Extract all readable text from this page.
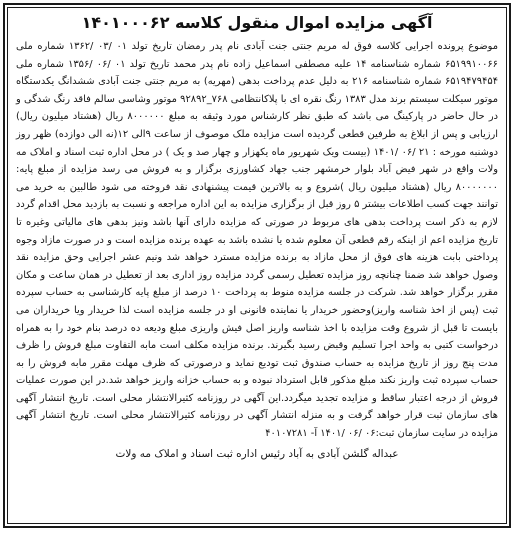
آگهی مزایده اموال منقول کلاسه ۱۴۰۱۰۰۰۶۲

موضوع پرونده اجرایی کلاسه فوق له مریم جنتی جنت آبادی نام پدر رمضان تاریخ تولد ۰۱ /۰۳ /۱۳۶۲ شماره ملی ۶۵۱۹۹۱۰۰۶۶ شماره شناسنامه ۱۴ علیه مصطفی اسماعیل زاده نام پدر محمد تاریخ تولد ۰۱ /۰۶ /۱۳۵۶ شماره ملی ۶۵۱۹۴۷۹۴۵۴ شماره شناسنامه ۲۱۶ به دلیل عدم پرداخت بدهی (مهریه) به مریم جنتی جنت آبادی ششدانگ یکدستگاه موتور سیکلت سیستم برند مدل ۱۳۸۳ رنگ نقره ای با پلاکانتظامی ۷۶۸_۹۲۸۹۲ موتور وشاسی سالم فاقد رنگ شدگی و در حال حاضر در پارکینگ می باشد که طبق نظر کارشناس مورد وثیقه به مبلغ ۸۰۰۰۰۰۰ ریال (هشتاد میلیون ریال) ارزیابی و پس از ابلاغ به طرفین قطعی گردیده است مزایده ملک موصوف از ساعت ۹الی ۱۲(نه الی دوازده) ظهر روز دوشنبه مورخه : ۲۱ /۰۶ /۱۴۰۱ (بیست ویک شهریور ماه یکهزار و چهار صد و یک ) در محل اداره ثبت اسناد و املاک مه ولات واقع در شهر فیض آباد بلوار خرمشهر جنب جهاد کشاورزی برگزار و به فروش می رسد مزایده از مبلغ پایه: ۸۰۰۰۰۰۰۰ ریال (هشتاد میلیون ریال )شروع و به بالاترین قیمت پیشنهادی نقد فروخته می شود طالبین به خرید می توانند جهت کسب اطلاعات بیشتر ۵ روز قبل از برگزاری مزایده به این اداره مراجعه و نسبت به بازدید محل اقدام گردد لازم به ذکر است پرداخت بدهی های مربوط در صورتی که مزایده دارای آنها باشد ونیز بدهی های مالیاتی وغیره تا تاریخ مزایده اعم از اینکه رقم قطعی آن معلوم شده یا نشده باشد به عهده برنده مزایده است و در صورت مازاد وجوه پرداختی بابت هزینه های فوق از محل مازاد به برنده مزایده مسترد خواهد شد ونیم عشر اجرایی وحق مزایده نقد وصول خواهد شد ضمنا چنانچه روز مزایده تعطیل رسمی گردد مزایده روز اداری بعد از تعطیل در همان ساعت و مکان مقرر برگزار خواهد شد. شرکت در جلسه مزایده منوط به پرداخت ۱۰ درصد از مبلغ پایه کارشناسی به حساب سپرده ثبت (پس از اخذ شناسه واریز)وحضور خریدار یا نماینده قانونی او در جلسه مزایده است لذا خریدار ویا خریداران می بایست تا قبل از شروع وقت مزایده با اخذ شناسه واریز اصل فیش واریزی مبلغ ودیعه ده درصد بنام خود را به همراه درخواست کتبی به واحد اجرا تسلیم وقبض رسید بگیرند. برنده مزایده مکلف است مابه التفاوت مبلغ فروش را ظرف مدت پنج روز از تاریخ مزایده به حساب صندوق ثبت تودیع نماید و درصورتی که ظرف مهلت مقرر مابه فروش را به حساب سپرده ثبت واریز نکند مبلغ مذکور قابل استرداد نبوده و به حساب خزانه واریز خواهد شد.در این صورت عملیات فروش از درجه اعتبار ساقط و مزایده تجدید میگردد.این آگهی در روزنامه کثیرالانتشار محلی است. تاریخ انتشار آگهی های سازمان ثبت قرار خواهد گرفت و به منزله انتشار آگهی در روزنامه کثیرالانتشار محلی است. تاریخ انتشار آگهی مزایده در سایت سازمان ثبت:۰۶ /۰۶ /۱۴۰۱ آ- ۴۰۱۰۷۲۸۱

عبداله گلشن آبادی به آباد رئیس اداره ثبت اسناد و املاک مه ولات
